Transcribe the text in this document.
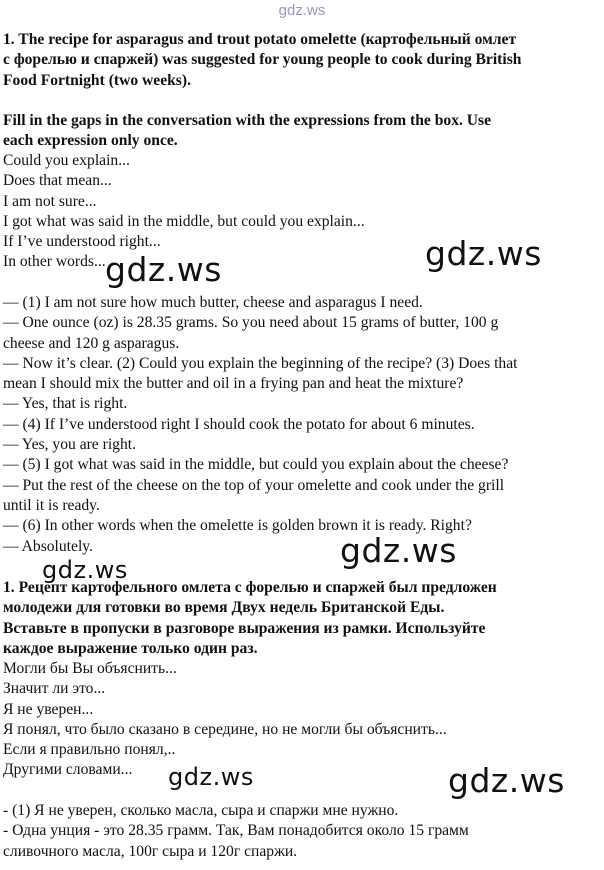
gdz.ws
1. The recipe for asparagus and trout potato omelette (картофельный омлет
с форелью и спаржей) was suggested for young people to cook during British
Food Fortnight (two weeks).
Fill in the gaps in the conversation with the expressions from the box. Use
each expression only once.
Could you explain...
Does that mean...
I am not sure...
I got what was said in the middle, but could you explain...
If I’ve understood right...
In other words...
— (1) I am not sure how much butter, cheese and asparagus I need.
— One ounce (oz) is 28.35 grams. So you need about 15 grams of butter, 100 g
cheese and 120 g asparagus.
— Now it’s clear. (2) Could you explain the beginning of the recipe? (3) Does that
mean I should mix the butter and oil in a frying pan and heat the mixture?
— Yes, that is right.
— (4) If I’ve understood right I should cook the potato for about 6 minutes.
— Yes, you are right.
— (5) I got what was said in the middle, but could you explain about the cheese?
— Put the rest of the cheese on the top of your omelette and cook under the grill
until it is ready.
— (6) In other words when the omelette is golden brown it is ready. Right?
— Absolutely.
1. Рецепт картофельного омлета с форелью и спаржей был предложен
молодежи для готовки во время Двух недель Британской Еды.
Вставьте в пропуски в разговоре выражения из рамки. Используйте
каждое выражение только один раз.
Могли бы Вы объяснить...
Значит ли это...
Я не уверен...
Я понял, что было сказано в середине, но не могли бы объяснить...
Если я правильно понял,..
Другими словами...
- (1) Я не уверен, сколько масла, сыра и спаржи мне нужно.
- Одна унция - это 28.35 грамм. Так, Вам понадобится около 15 грамм
сливочного масла, 100г сыра и 120г спаржи.
gdz.ws	gdz.ws
gdz.ws
gdz.ws
gdz.ws	gdz.ws
